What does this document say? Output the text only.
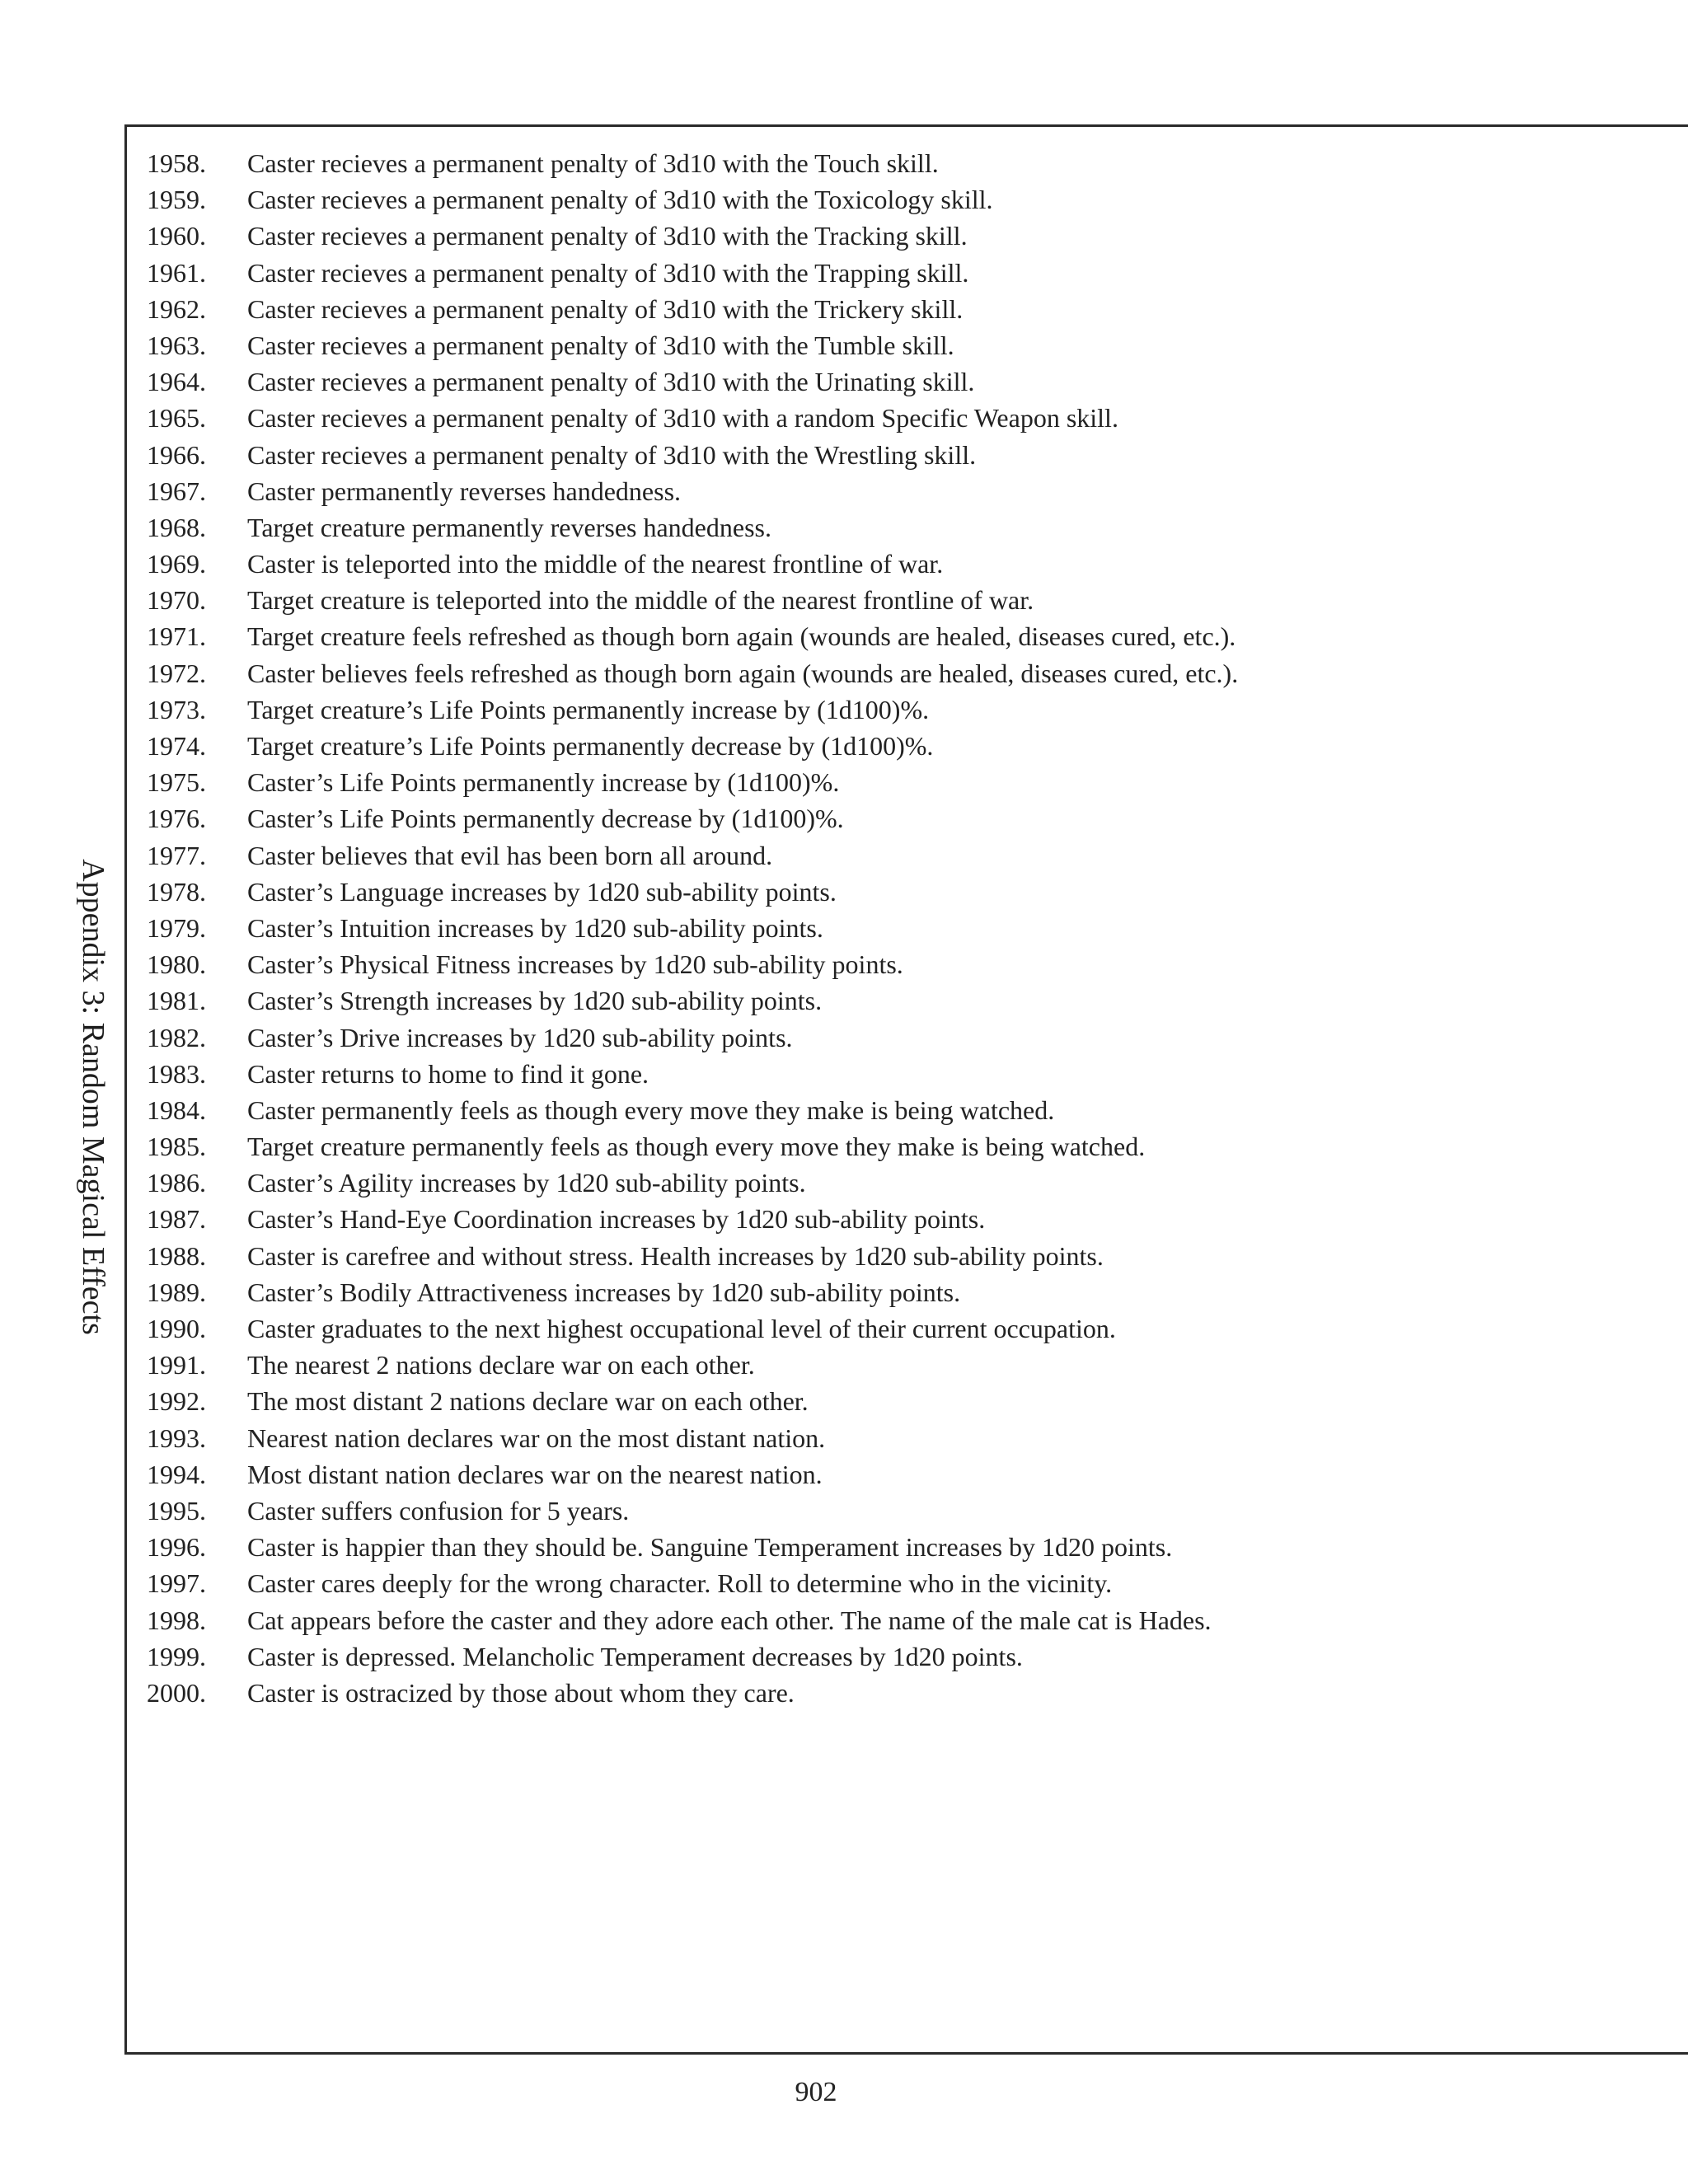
Appendix 3: Random Magical Effects
1958.	Caster recieves a permanent penalty of 3d10 with the Touch skill.
1959.	Caster recieves a permanent penalty of 3d10 with the Toxicology skill.
1960.	Caster recieves a permanent penalty of 3d10 with the Tracking skill.
1961.	Caster recieves a permanent penalty of 3d10 with the Trapping skill.
1962.	Caster recieves a permanent penalty of 3d10 with the Trickery skill.
1963.	Caster recieves a permanent penalty of 3d10 with the Tumble skill.
1964.	Caster recieves a permanent penalty of 3d10 with the Urinating skill.
1965.	Caster recieves a permanent penalty of 3d10 with a random Specific Weapon skill.
1966.	Caster recieves a permanent penalty of 3d10 with the Wrestling skill.
1967.	Caster permanently reverses handedness.
1968.	Target creature permanently reverses handedness.
1969.	Caster is teleported into the middle of the nearest frontline of war.
1970.	Target creature is teleported into the middle of the nearest frontline of war.
1971.	Target creature feels refreshed as though born again (wounds are healed, diseases cured, etc.).
1972.	Caster believes feels refreshed as though born again (wounds are healed, diseases cured, etc.).
1973.	Target creature’s Life Points permanently increase by (1d100)%.
1974.	Target creature’s Life Points permanently decrease by (1d100)%.
1975.	Caster’s Life Points permanently increase by (1d100)%.
1976.	Caster’s Life Points permanently decrease by (1d100)%.
1977.	Caster believes that evil has been born all around.
1978.	Caster’s Language increases by 1d20 sub-ability points.
1979.	Caster’s Intuition increases by 1d20 sub-ability points.
1980.	Caster’s Physical Fitness increases by 1d20 sub-ability points.
1981.	Caster’s Strength increases by 1d20 sub-ability points.
1982.	Caster’s Drive increases by 1d20 sub-ability points.
1983.	Caster returns to home to find it gone.
1984.	Caster permanently feels as though every move they make is being watched.
1985.	Target creature permanently feels as though every move they make is being watched.
1986.	Caster’s Agility increases by 1d20 sub-ability points.
1987.	Caster’s Hand-Eye Coordination increases by 1d20 sub-ability points.
1988.	Caster is carefree and without stress. Health increases by 1d20 sub-ability points.
1989.	Caster’s Bodily Attractiveness increases by 1d20 sub-ability points.
1990.	Caster graduates to the next highest occupational level of their current occupation.
1991.	The nearest 2 nations declare war on each other.
1992.	The most distant 2 nations declare war on each other.
1993.	Nearest nation declares war on the most distant nation.
1994.	Most distant nation declares war on the nearest nation.
1995.	Caster suffers confusion for 5 years.
1996.	Caster is happier than they should be. Sanguine Temperament increases by 1d20 points.
1997.	Caster cares deeply for the wrong character. Roll to determine who in the vicinity.
1998.	Cat appears before the caster and they adore each other. The name of the male cat is Hades.
1999.	Caster is depressed. Melancholic Temperament decreases by 1d20 points.
2000.	Caster is ostracized by those about whom they care.
902
